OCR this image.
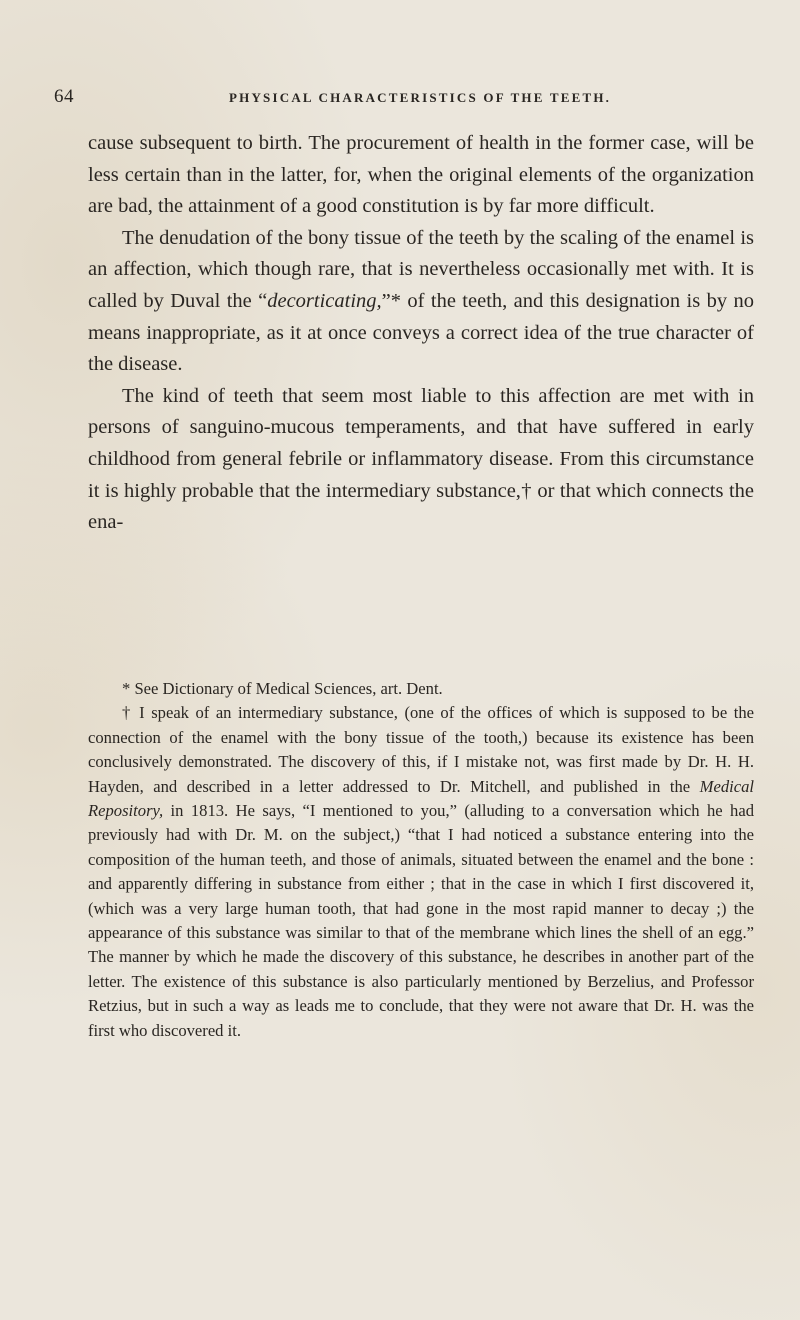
64	PHYSICAL CHARACTERISTICS OF THE TEETH.

cause subsequent to birth. The procurement of health in the former case, will be less certain than in the latter, for, when the original elements of the organization are bad, the attainment of a good constitution is by far more difficult.

The denudation of the bony tissue of the teeth by the scaling of the enamel is an affection, which though rare, that is nevertheless occasionally met with. It is called by Duval the “decorticating,”* of the teeth, and this designation is by no means inappropriate, as it at once conveys a correct idea of the true character of the disease.

The kind of teeth that seem most liable to this affection are met with in persons of sanguino-mucous temperaments, and that have suffered in early childhood from general febrile or inflammatory disease. From this circumstance it is highly probable that the intermediary substance,† or that which connects the ena-

* See Dictionary of Medical Sciences, art. Dent.

† I speak of an intermediary substance, (one of the offices of which is supposed to be the connection of the enamel with the bony tissue of the tooth,) because its existence has been conclusively demonstrated. The discovery of this, if I mistake not, was first made by Dr. H. H. Hayden, and described in a letter addressed to Dr. Mitchell, and published in the Medical Repository, in 1813. He says, “I mentioned to you,” (alluding to a conversation which he had previously had with Dr. M. on the subject,) “that I had noticed a substance entering into the composition of the human teeth, and those of animals, situated between the enamel and the bone : and apparently differing in substance from either ; that in the case in which I first discovered it, (which was a very large human tooth, that had gone in the most rapid manner to decay ;) the appearance of this substance was similar to that of the membrane which lines the shell of an egg.” The manner by which he made the discovery of this substance, he describes in another part of the letter. The existence of this substance is also particularly mentioned by Berzelius, and Professor Retzius, but in such a way as leads me to conclude, that they were not aware that Dr. H. was the first who discovered it.
